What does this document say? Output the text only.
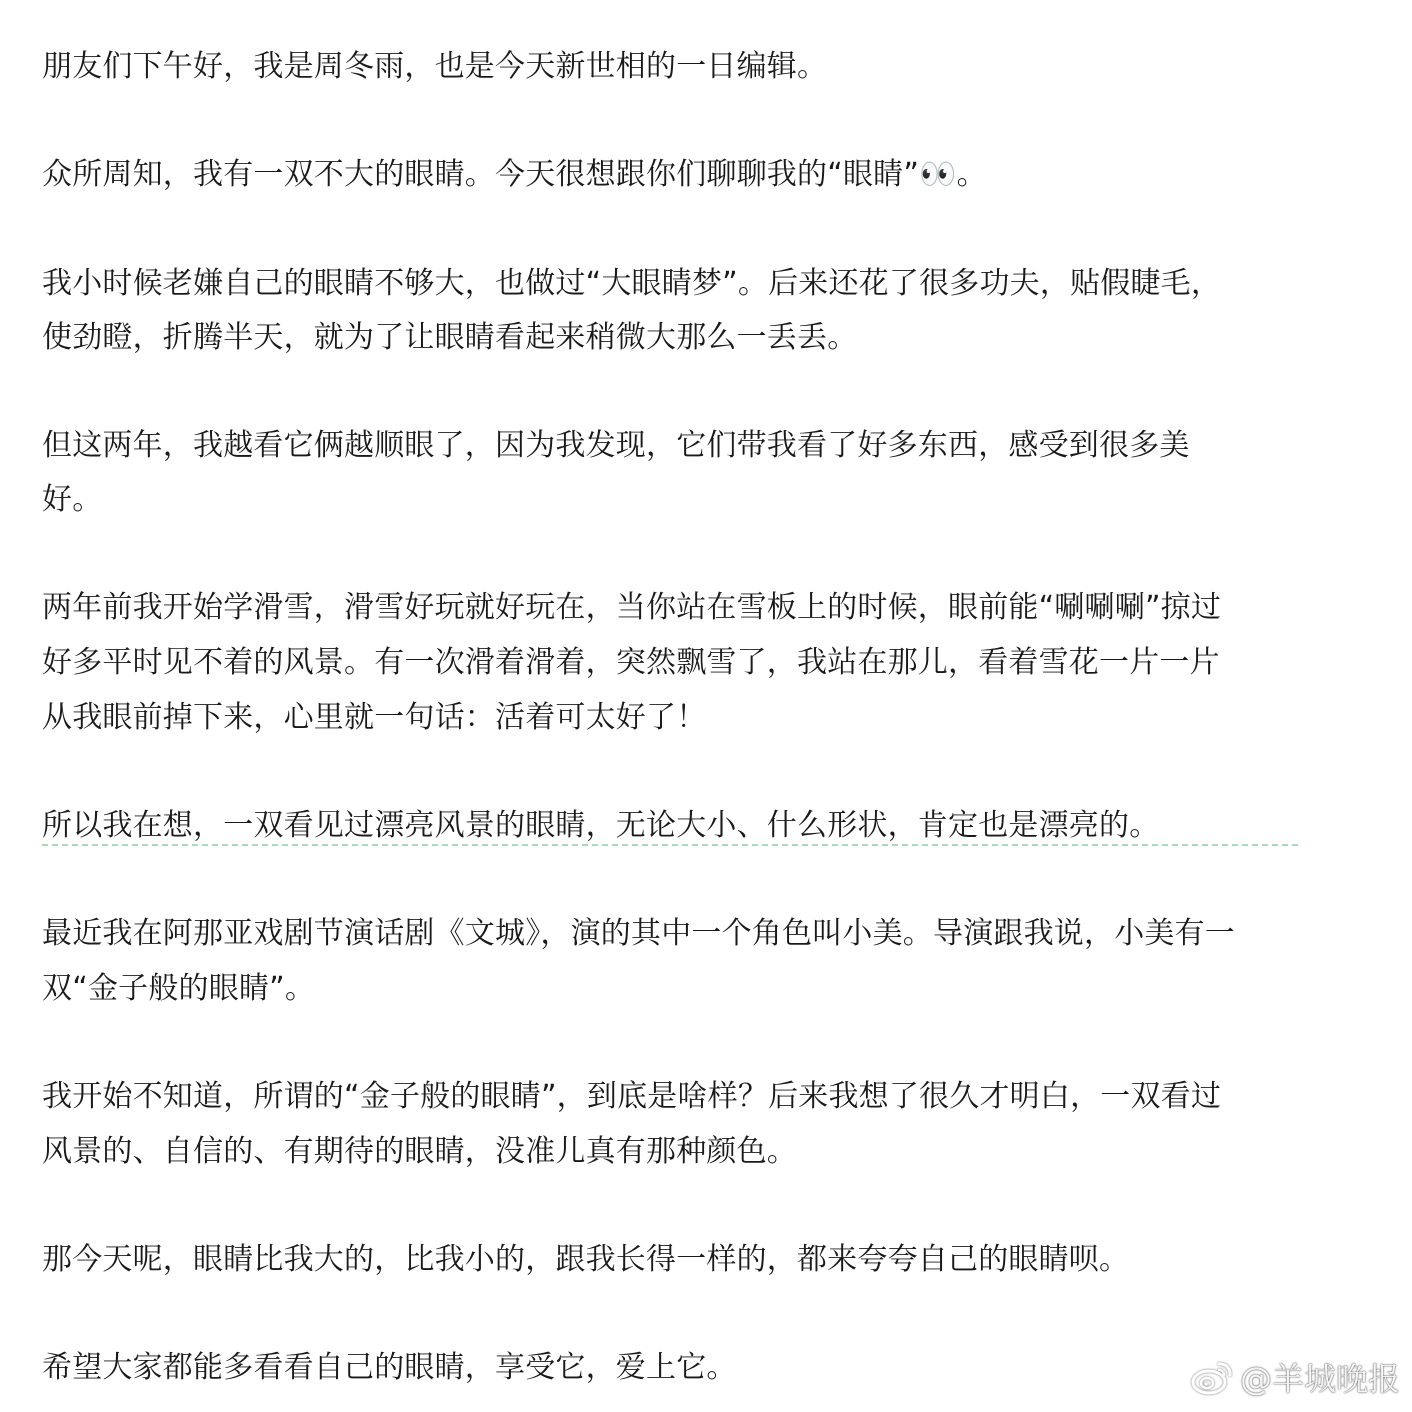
朋友们下午好，我是周冬雨，也是今天新世相的一日编辑。

众所周知，我有一双不大的眼睛。今天很想跟你们聊聊我的“眼睛”👀。

我小时候老嫌自己的眼睛不够大，也做过“大眼睛梦”。后来还花了很多功夫，贴假睫毛，

使劲瞪，折腾半天，就为了让眼睛看起来稍微大那么一丢丢。

但这两年，我越看它俩越顺眼了，因为我发现，它们带我看了好多东西，感受到很多美

好。

两年前我开始学滑雪，滑雪好玩就好玩在，当你站在雪板上的时候，眼前能“唰唰唰”掠过

好多平时见不着的风景。有一次滑着滑着，突然飘雪了，我站在那儿，看着雪花一片一片

从我眼前掉下来，心里就一句话：活着可太好了！

所以我在想，一双看见过漂亮风景的眼睛，无论大小、什么形状，肯定也是漂亮的。

最近我在阿那亚戏剧节演话剧《文城》，演的其中一个角色叫小美。导演跟我说，小美有一

双“金子般的眼睛”。

我开始不知道，所谓的“金子般的眼睛”，到底是啥样？后来我想了很久才明白，一双看过

风景的、自信的、有期待的眼睛，没准儿真有那种颜色。

那今天呢，眼睛比我大的，比我小的，跟我长得一样的，都来夸夸自己的眼睛呗。

希望大家都能多看看自己的眼睛，享受它，爱上它。	@羊城晚报
